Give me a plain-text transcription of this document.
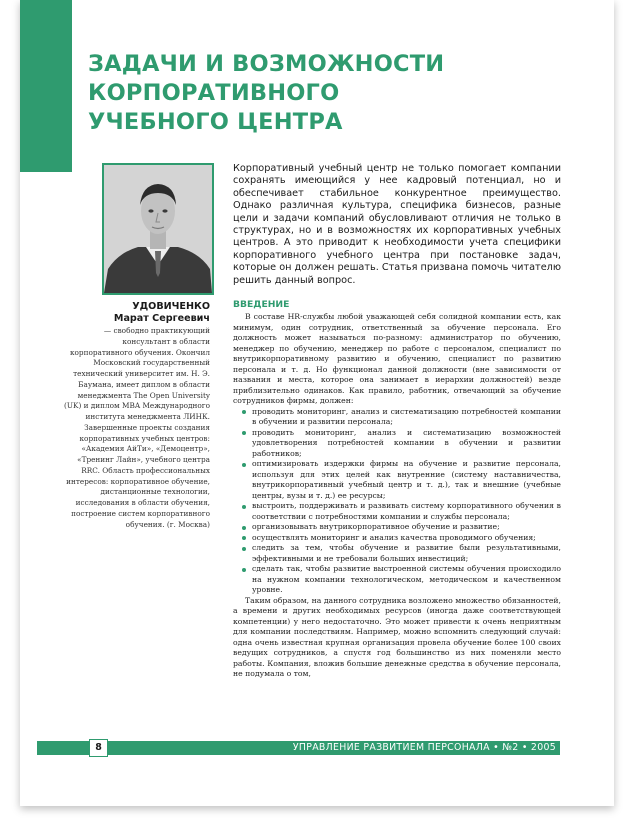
ЗАДАЧИ И ВОЗМОЖНОСТИ
КОРПОРАТИВНОГО
УЧЕБНОГО ЦЕНТРА

Корпоративный учебный центр не только помогает компании сохранять имеющийся у нее кадровый потенциал, но и обеспечивает стабильное конкурентное преимущество. Однако различная культура, специфика бизнесов, разные цели и задачи компаний обусловливают отличия не только в структурах, но и в возможностях их корпоративных учебных центров. А это приводит к необходимости учета специфики корпоративного учебного центра при постановке задач, которые он должен решать. Статья призвана помочь читателю решить данный вопрос.

УДОВИЧЕНКО
Марат Сергеевич

— свободно практикующий консультант в области корпоративного обучения. Окончил Московский государственный технический университет им. Н. Э. Баумана, имеет диплом в области менеджмента The Open University (UK) и диплом MBA Международного института менеджмента ЛИНК. Завершенные проекты создания корпоративных учебных центров: «Академия АйТи», «Демоцентр», «Тренинг Лайн», учебного центра RRC. Область профессиональных интересов: корпоративное обучение, дистанционные технологии, исследования в области обучения, построение систем корпоративного обучения. (г. Москва)

ВВЕДЕНИЕ

В составе HR-службы любой уважающей себя солидной компании есть, как минимум, один сотрудник, ответственный за обучение персонала. Его должность может называться по-разному: администратор по обучению, менеджер по обучению, менеджер по работе с персоналом, специалист по внутрикорпоративному развитию и обучению, специалист по развитию персонала и т. д. Но функционал данной должности (вне зависимости от названия и места, которое она занимает в иерархии должностей) везде приблизительно одинаков. Как правило, работник, отвечающий за обучение сотрудников фирмы, должен:

проводить мониторинг, анализ и систематизацию потребностей компании в обучении и развитии персонала;
проводить мониторинг, анализ и систематизацию возможностей удовлетворения потребностей компании в обучении и развитии работников;
оптимизировать издержки фирмы на обучение и развитие персонала, используя для этих целей как внутренние (систему наставничества, внутрикорпоративный учебный центр и т. д.), так и внешние (учебные центры, вузы и т. д.) ее ресурсы;
выстроить, поддерживать и развивать систему корпоративного обучения в соответствии с потребностями компании и службы персонала;
организовывать внутрикорпоративное обучение и развитие;
осуществлять мониторинг и анализ качества проводимого обучения;
следить за тем, чтобы обучение и развитие были результативными, эффективными и не требовали больших инвестиций;
сделать так, чтобы развитие выстроенной системы обучения происходило на нужном компании технологическом, методическом и качественном уровне.

Таким образом, на данного сотрудника возложено множество обязанностей, а времени и других необходимых ресурсов (иногда даже соответствующей компетенции) у него недостаточно. Это может привести к очень неприятным для компании последствиям. Например, можно вспомнить следующий случай: одна очень известная крупная организация провела обучение более 100 своих ведущих сотрудников, а спустя год большинство из них поменяли место работы. Компания, вложив большие денежные средства в обучение персонала, не подумала о том,

8	УПРАВЛЕНИЕ РАЗВИТИЕМ ПЕРСОНАЛА • №2 • 2005
